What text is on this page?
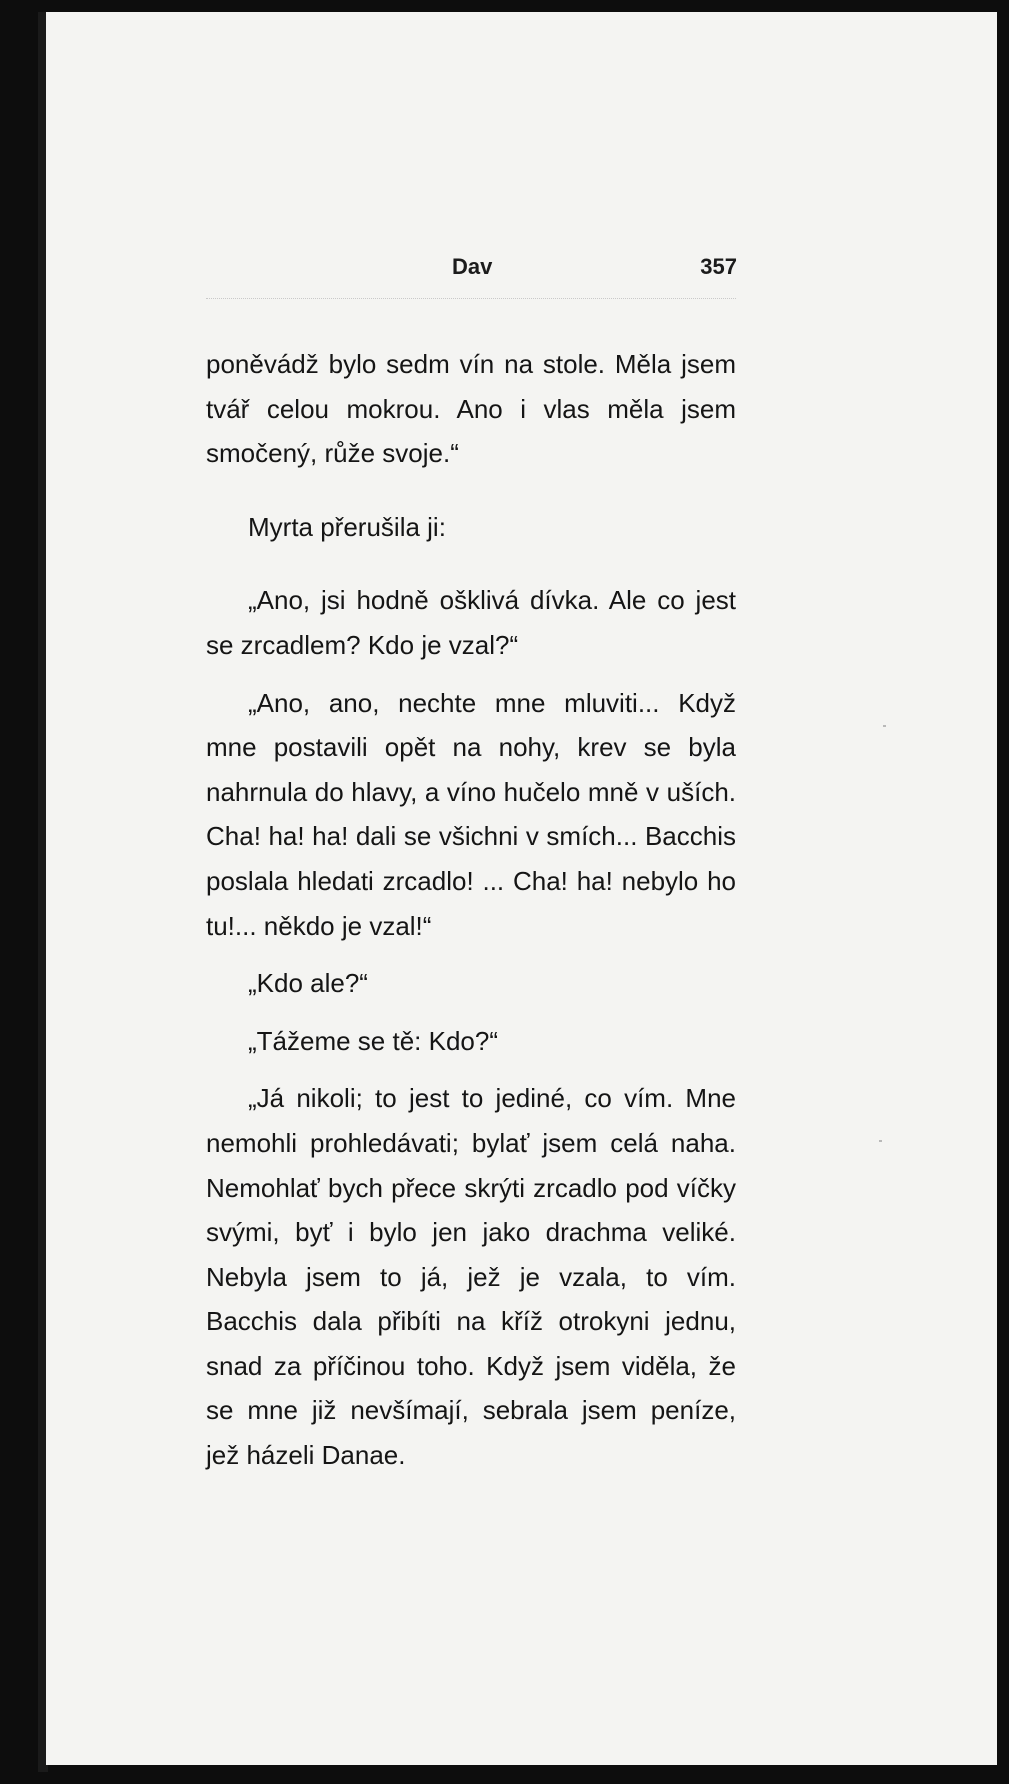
Dav	357

poněvádž bylo sedm vín na stole. Měla jsem tvář celou mokrou. Ano i vlas měla jsem smočený, růže svoje.“

Myrta přerušila ji:

„Ano, jsi hodně ošklivá dívka. Ale co jest se zrcadlem? Kdo je vzal?“

„Ano, ano, nechte mne mluviti... Když mne postavili opět na nohy, krev se byla nahrnula do hlavy, a víno hučelo mně v uších. Cha! ha! ha! dali se všichni v smích... Bacchis poslala hledati zrcadlo! ... Cha! ha! nebylo ho tu!... někdo je vzal!“

„Kdo ale?“

„Tážeme se tě: Kdo?“

„Já nikoli; to jest to jediné, co vím. Mne nemohli prohledávati; bylať jsem celá naha. Nemohlať bych přece skrýti zrcadlo pod víčky svými, byť i bylo jen jako drachma veliké. Nebyla jsem to já, jež je vzala, to vím. Bacchis dala přibíti na kříž otrokyni jednu, snad za příčinou toho. Když jsem viděla, že se mne již nevšímají, sebrala jsem peníze, jež házeli Danae.
